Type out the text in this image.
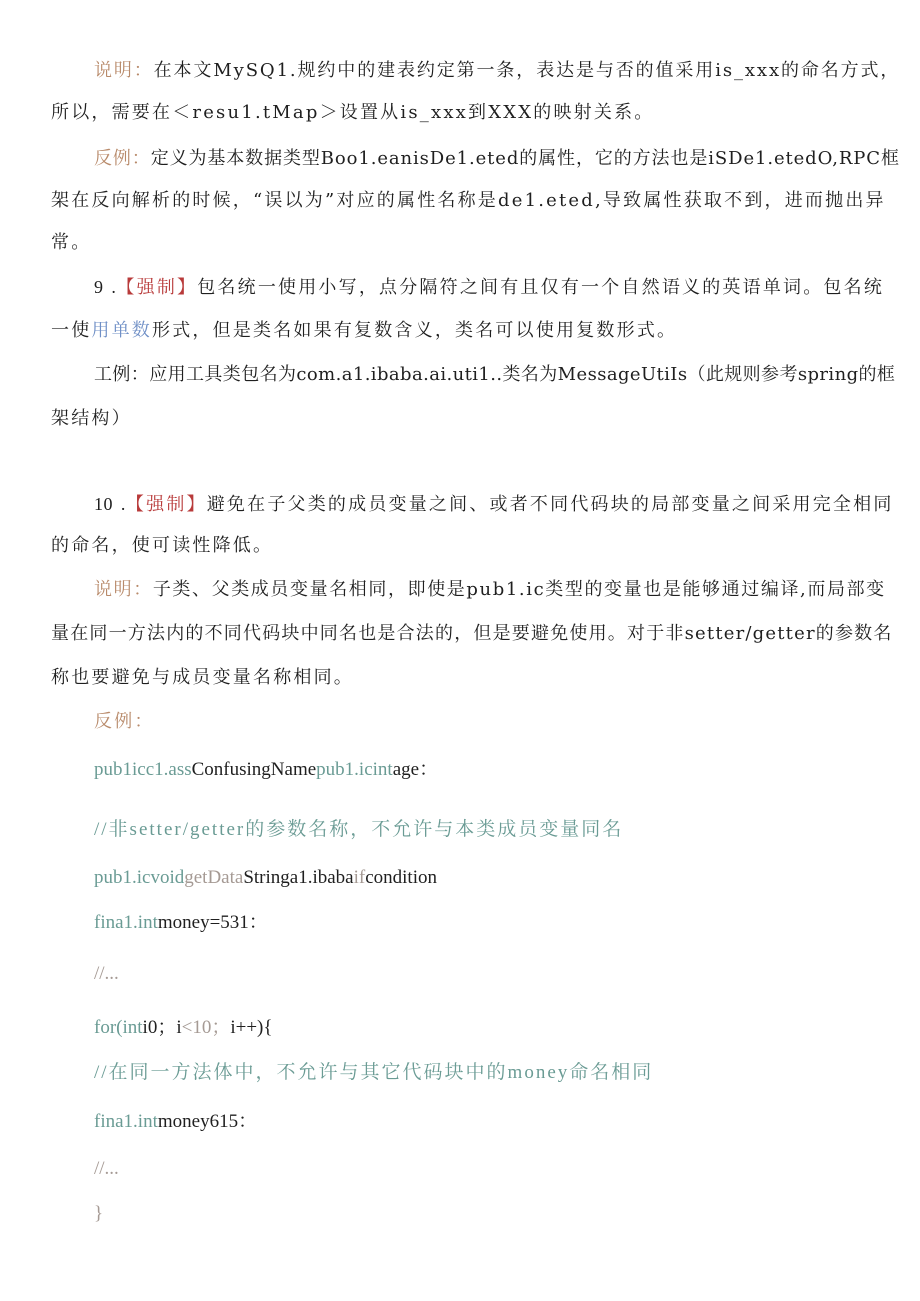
说明：在本文MySQ1.规约中的建表约定第一条，表达是与否的值采用is_xxx的命名方式，
所以，需要在＜resu1.tMap＞设置从is_xxx到XXX的映射关系。
反例：定义为基本数据类型Boo1.eanisDe1.eted的属性，它的方法也是iSDe1.etedO,RPC框
架在反向解析的时候，“误以为”对应的属性名称是de1.eted,导致属性获取不到，进而抛出异
常。
9 .【强制】包名统一使用小写，点分隔符之间有且仅有一个自然语义的英语单词。包名统
一使用单数形式，但是类名如果有复数含义，类名可以使用复数形式。
工例：应用工具类包名为com.a1.ibaba.ai.uti1..类名为MessageUtiIs（此规则参考spring的框
架结构）
10 .【强制】避免在子父类的成员变量之间、或者不同代码块的局部变量之间采用完全相同
的命名，使可读性降低。
说明：子类、父类成员变量名相同，即使是pub1.ic类型的变量也是能够通过编译,而局部变
量在同一方法内的不同代码块中同名也是合法的，但是要避免使用。对于非setter/getter的参数名
称也要避免与成员变量名称相同。
反例：
pub1icc1.assConfusingNamepub1.icintage：
//非setter/getter的参数名称，不允许与本类成员变量同名
pub1.icvoidgetDataStringa1.ibabaifcondition
fina1.intmoney=531：
//...
for(inti0；i<10；i++){
//在同一方法体中，不允许与其它代码块中的money命名相同
fina1.intmoney615：
//...
}
